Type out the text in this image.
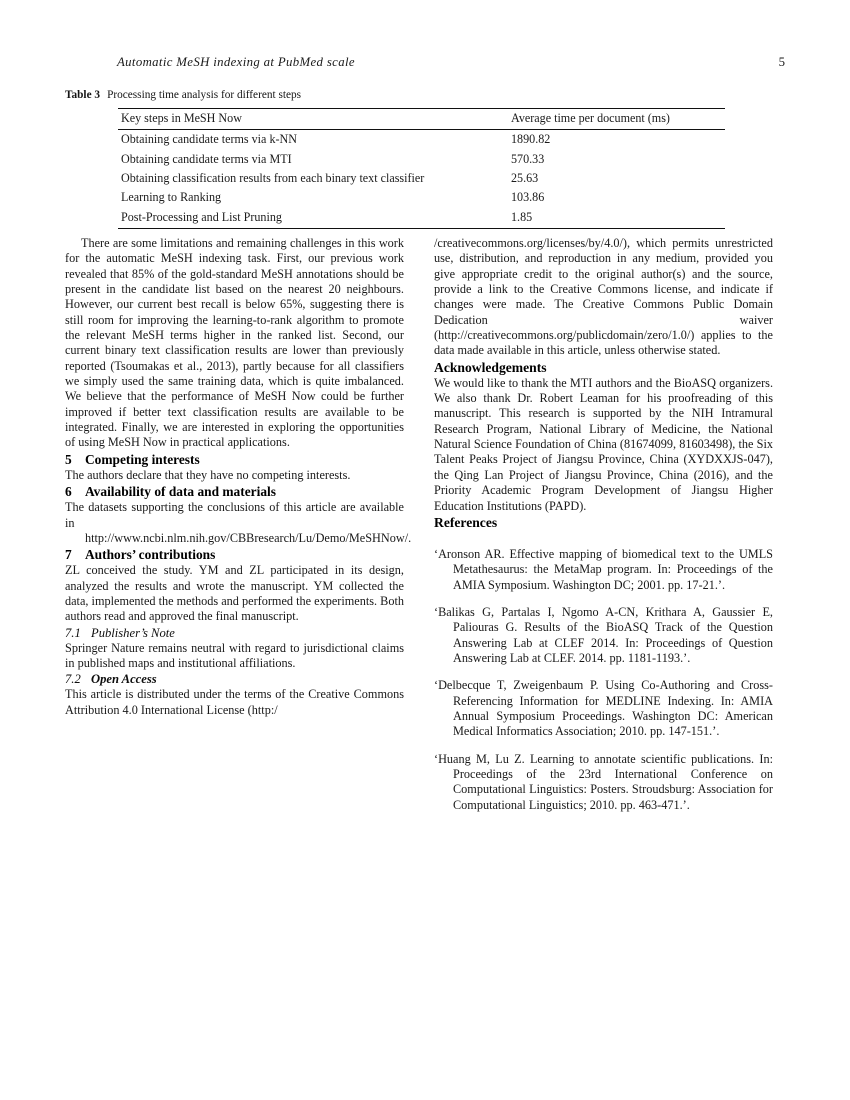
Automatic MeSH indexing at PubMed scale	5
Table 3 Processing time analysis for different steps
Key steps in MeSH Now	Average time per document (ms)
Obtaining candidate terms via k-NN	1890.82
Obtaining candidate terms via MTI	570.33
Obtaining classification results from each binary text classifier	25.63
Learning to Ranking	103.86
Post-Processing and List Pruning	1.85

There are some limitations and remaining challenges in this work for the automatic MeSH indexing task. First, our previous work revealed that 85% of the gold-standard MeSH annotations should be present in the candidate list based on the nearest 20 neighbours. However, our current best recall is below 65%, suggesting there is still room for improving the learning-to-rank algorithm to promote the relevant MeSH terms higher in the ranked list. Second, our current binary text classification results are lower than previously reported (Tsoumakas et al., 2013), partly because for all classifiers we simply used the same training data, which is quite imbalanced. We believe that the performance of MeSH Now could be further improved if better text classification results are available to be integrated. Finally, we are interested in exploring the opportunities of using MeSH Now in practical applications.

5 Competing interests

The authors declare that they have no competing interests.

6 Availability of data and materials

The datasets supporting the conclusions of this article are available in

http://www.ncbi.nlm.nih.gov/CBBresearch/Lu/Demo/MeSHNow/.

7 Authors’ contributions

ZL conceived the study. YM and ZL participated in its design, analyzed the results and wrote the manuscript. YM collected the data, implemented the methods and performed the experiments. Both authors read and approved the final manuscript.

7.1 Publisher’s Note

Springer Nature remains neutral with regard to jurisdictional claims in published maps and institutional affiliations.

7.2 Open Access

This article is distributed under the terms of the Creative Commons Attribution 4.0 International License (http:/

/creativecommons.org/licenses/by/4.0/), which permits unrestricted use, distribution, and reproduction in any medium, provided you give appropriate credit to the original author(s) and the source, provide a link to the Creative Commons license, and indicate if changes were made. The Creative Commons Public Domain Dedication waiver (http://creativecommons.org/publicdomain/zero/1.0/) applies to the data made available in this article, unless otherwise stated.

Acknowledgements

We would like to thank the MTI authors and the BioASQ organizers. We also thank Dr. Robert Leaman for his proofreading of this manuscript. This research is supported by the NIH Intramural Research Program, National Library of Medicine, the National Natural Science Foundation of China (81674099, 81603498), the Six Talent Peaks Project of Jiangsu Province, China (XYDXXJS-047), the Qing Lan Project of Jiangsu Province, China (2016), and the Priority Academic Program Development of Jiangsu Higher Education Institutions (PAPD).

References

‘Aronson AR. Effective mapping of biomedical text to the UMLS Metathesaurus: the MetaMap program. In: Proceedings of the AMIA Symposium. Washington DC; 2001. pp. 17-21.’.

‘Balikas G, Partalas I, Ngomo A-CN, Krithara A, Gaussier E, Paliouras G. Results of the BioASQ Track of the Question Answering Lab at CLEF 2014. In: Proceedings of Question Answering Lab at CLEF. 2014. pp. 1181-1193.’.

‘Delbecque T, Zweigenbaum P. Using Co-Authoring and Cross-Referencing Information for MEDLINE Indexing. In: AMIA Annual Symposium Proceedings. Washington DC: American Medical Informatics Association; 2010. pp. 147-151.’.

‘Huang M, Lu Z. Learning to annotate scientific publications. In: Proceedings of the 23rd International Conference on Computational Linguistics: Posters. Stroudsburg: Association for Computational Linguistics; 2010. pp. 463-471.’.
